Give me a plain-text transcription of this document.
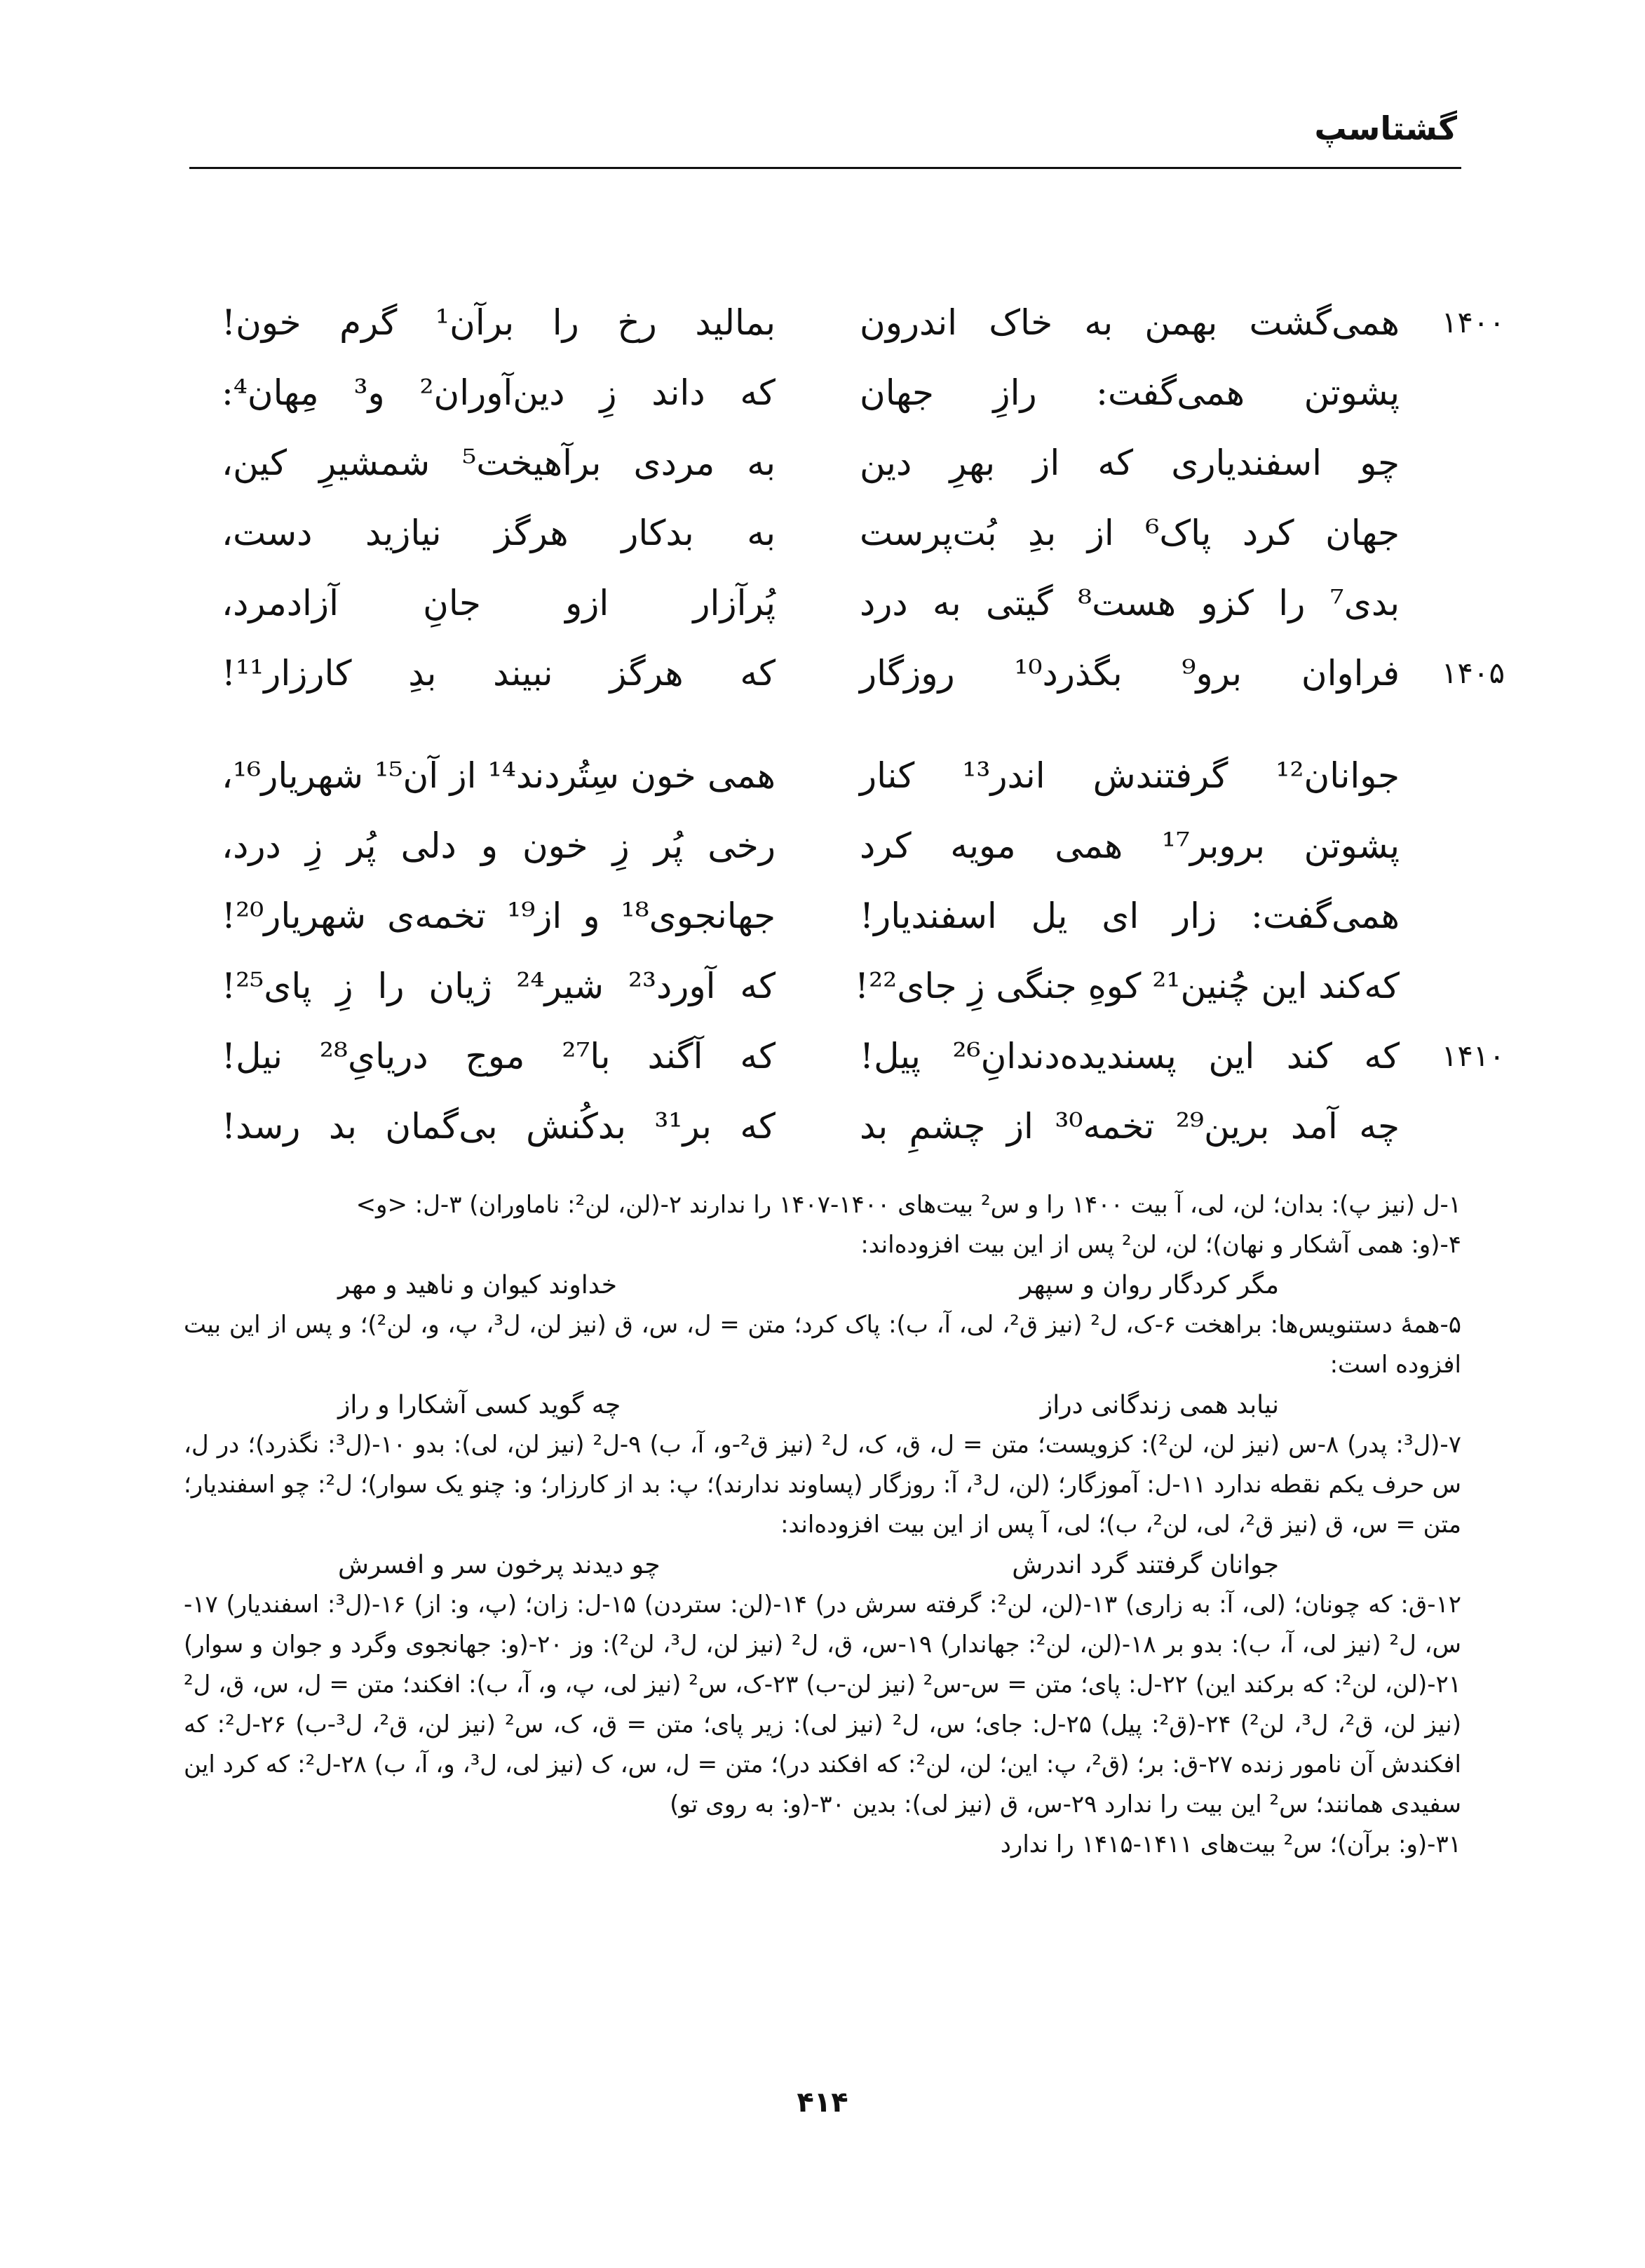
گشتاسپ
۱۴۰۰
همی‌گشت بهمن به خاک اندرون
بمالید رخ را برآن¹ گرم خون!
پشوتن همی‌گفت: رازِ جهان
که داند زِ دین‌آوران² و³ مِهان⁴:
چو اسفندیاری که از بهرِ دین
به مردی برآهیخت⁵ شمشیرِ کین،
جهان کرد پاک⁶ از بدِ بُت‌پرست
به بدکار هرگز نیازید دست،
بدی⁷ را کزو هست⁸ گیتی به درد
پُرآزار ازو جانِ آزادمرد،
۱۴۰۵
فراوان برو⁹ بگذرد¹⁰ روزگار
که هرگز نبیند بدِ کارزار¹¹!
جوانان¹² گرفتندش اندر¹³ کنار
همی خون سِتُردند¹⁴ از آن¹⁵ شهریار¹⁶،
پشوتن بروبر¹⁷ همی مویه کرد
رخی پُر زِ خون و دلی پُر زِ درد،
همی‌گفت: زار ای یل اسفندیار!
جهانجوی¹⁸ و از¹⁹ تخمه‌ی شهریار²⁰!
که‌کند این چُنین²¹ کوهِ جنگی زِ جای²²!
که آورد²³ شیر²⁴ ژیان را زِ پای²⁵!
۱۴۱۰
که کند این پسندیده‌دندانِ²⁶ پیل!
که آگند با²⁷ موج دریایِ²⁸ نیل!
چه آمد برین²⁹ تخمه³⁰ از چشمِ بد
که بر³¹ بدکُنش بی‌گمان بد رسد!

۱-ل (نیز پ): بدان؛ لن، لی، آ بیت ۱۴۰۰ را و س² بیت‌های ۱۴۰۰-۱۴۰۷ را ندارند ۲-(لن، لن²: ناماوران) ۳-ل: <و>

۴-(و: همی آشکار و نهان)؛ لن، لن² پس از این بیت افزوده‌اند:

مگر کردگار روان و سپهر
خداوند کیوان و ناهید و مهر

۵-همهٔ دستنویس‌ها: براهخت ۶-ک، ل² (نیز ق²، لی، آ، ب): پاک کرد؛ متن = ل، س، ق (نیز لن، ل³، پ، و، لن²)؛ و پس از این بیت افزوده است:

نیابد همی زندگانی دراز
چه گوید کسی آشکارا و راز

۷-(ل³: پدر) ۸-س (نیز لن، لن²): کزویست؛ متن = ل، ق، ک، ل² (نیز ق²-و، آ، ب) ۹-ل² (نیز لن، لی): بدو ۱۰-(ل³: نگذرد)؛ در ل، س حرف یکم نقطه ندارد ۱۱-ل: آموزگار؛ (لن، ل³، آ: روزگار (پساوند ندارند)؛ پ: بد از کارزار؛ و: چنو یک سوار)؛ ل²: چو اسفندیار؛ متن = س، ق (نیز ق²، لی، لن²، ب)؛ لی، آ پس از این بیت افزوده‌اند:

جوانان گرفتند گرد اندرش
چو دیدند پرخون سر و افسرش

۱۲-ق: که چونان؛ (لی، آ: به زاری) ۱۳-(لن، لن²: گرفته سرش در) ۱۴-(لن: ستردن) ۱۵-ل: زان؛ (پ، و: از) ۱۶-(ل³: اسفندیار) ۱۷-س، ل² (نیز لی، آ، ب): بدو بر ۱۸-(لن، لن²: جهاندار) ۱۹-س، ق، ل² (نیز لن، ل³، لن²): وز ۲۰-(و: جهانجوی وگرد و جوان و سوار) ۲۱-(لن، لن²: که برکند این) ۲۲-ل: پای؛ متن = س-س² (نیز لن-ب) ۲۳-ک، س² (نیز لی، پ، و، آ، ب): افکند؛ متن = ل، س، ق، ل² (نیز لن، ق²، ل³، لن²) ۲۴-(ق²: پیل) ۲۵-ل: جای؛ س، ل² (نیز لی): زیر پای؛ متن = ق، ک، س² (نیز لن، ق²، ل³-ب) ۲۶-ل²: که افکندش آن نامور زنده ۲۷-ق: بر؛ (ق²، پ: این؛ لن، لن²: که افکند در)؛ متن = ل، س، ک (نیز لی، ل³، و، آ، ب) ۲۸-ل²: که کرد این سفیدی همانند؛ س² این بیت را ندارد ۲۹-س، ق (نیز لی): بدین ۳۰-(و: به روی تو)

۳۱-(و: برآن)؛ س² بیت‌های ۱۴۱۱-۱۴۱۵ را ندارد

۴۱۴
